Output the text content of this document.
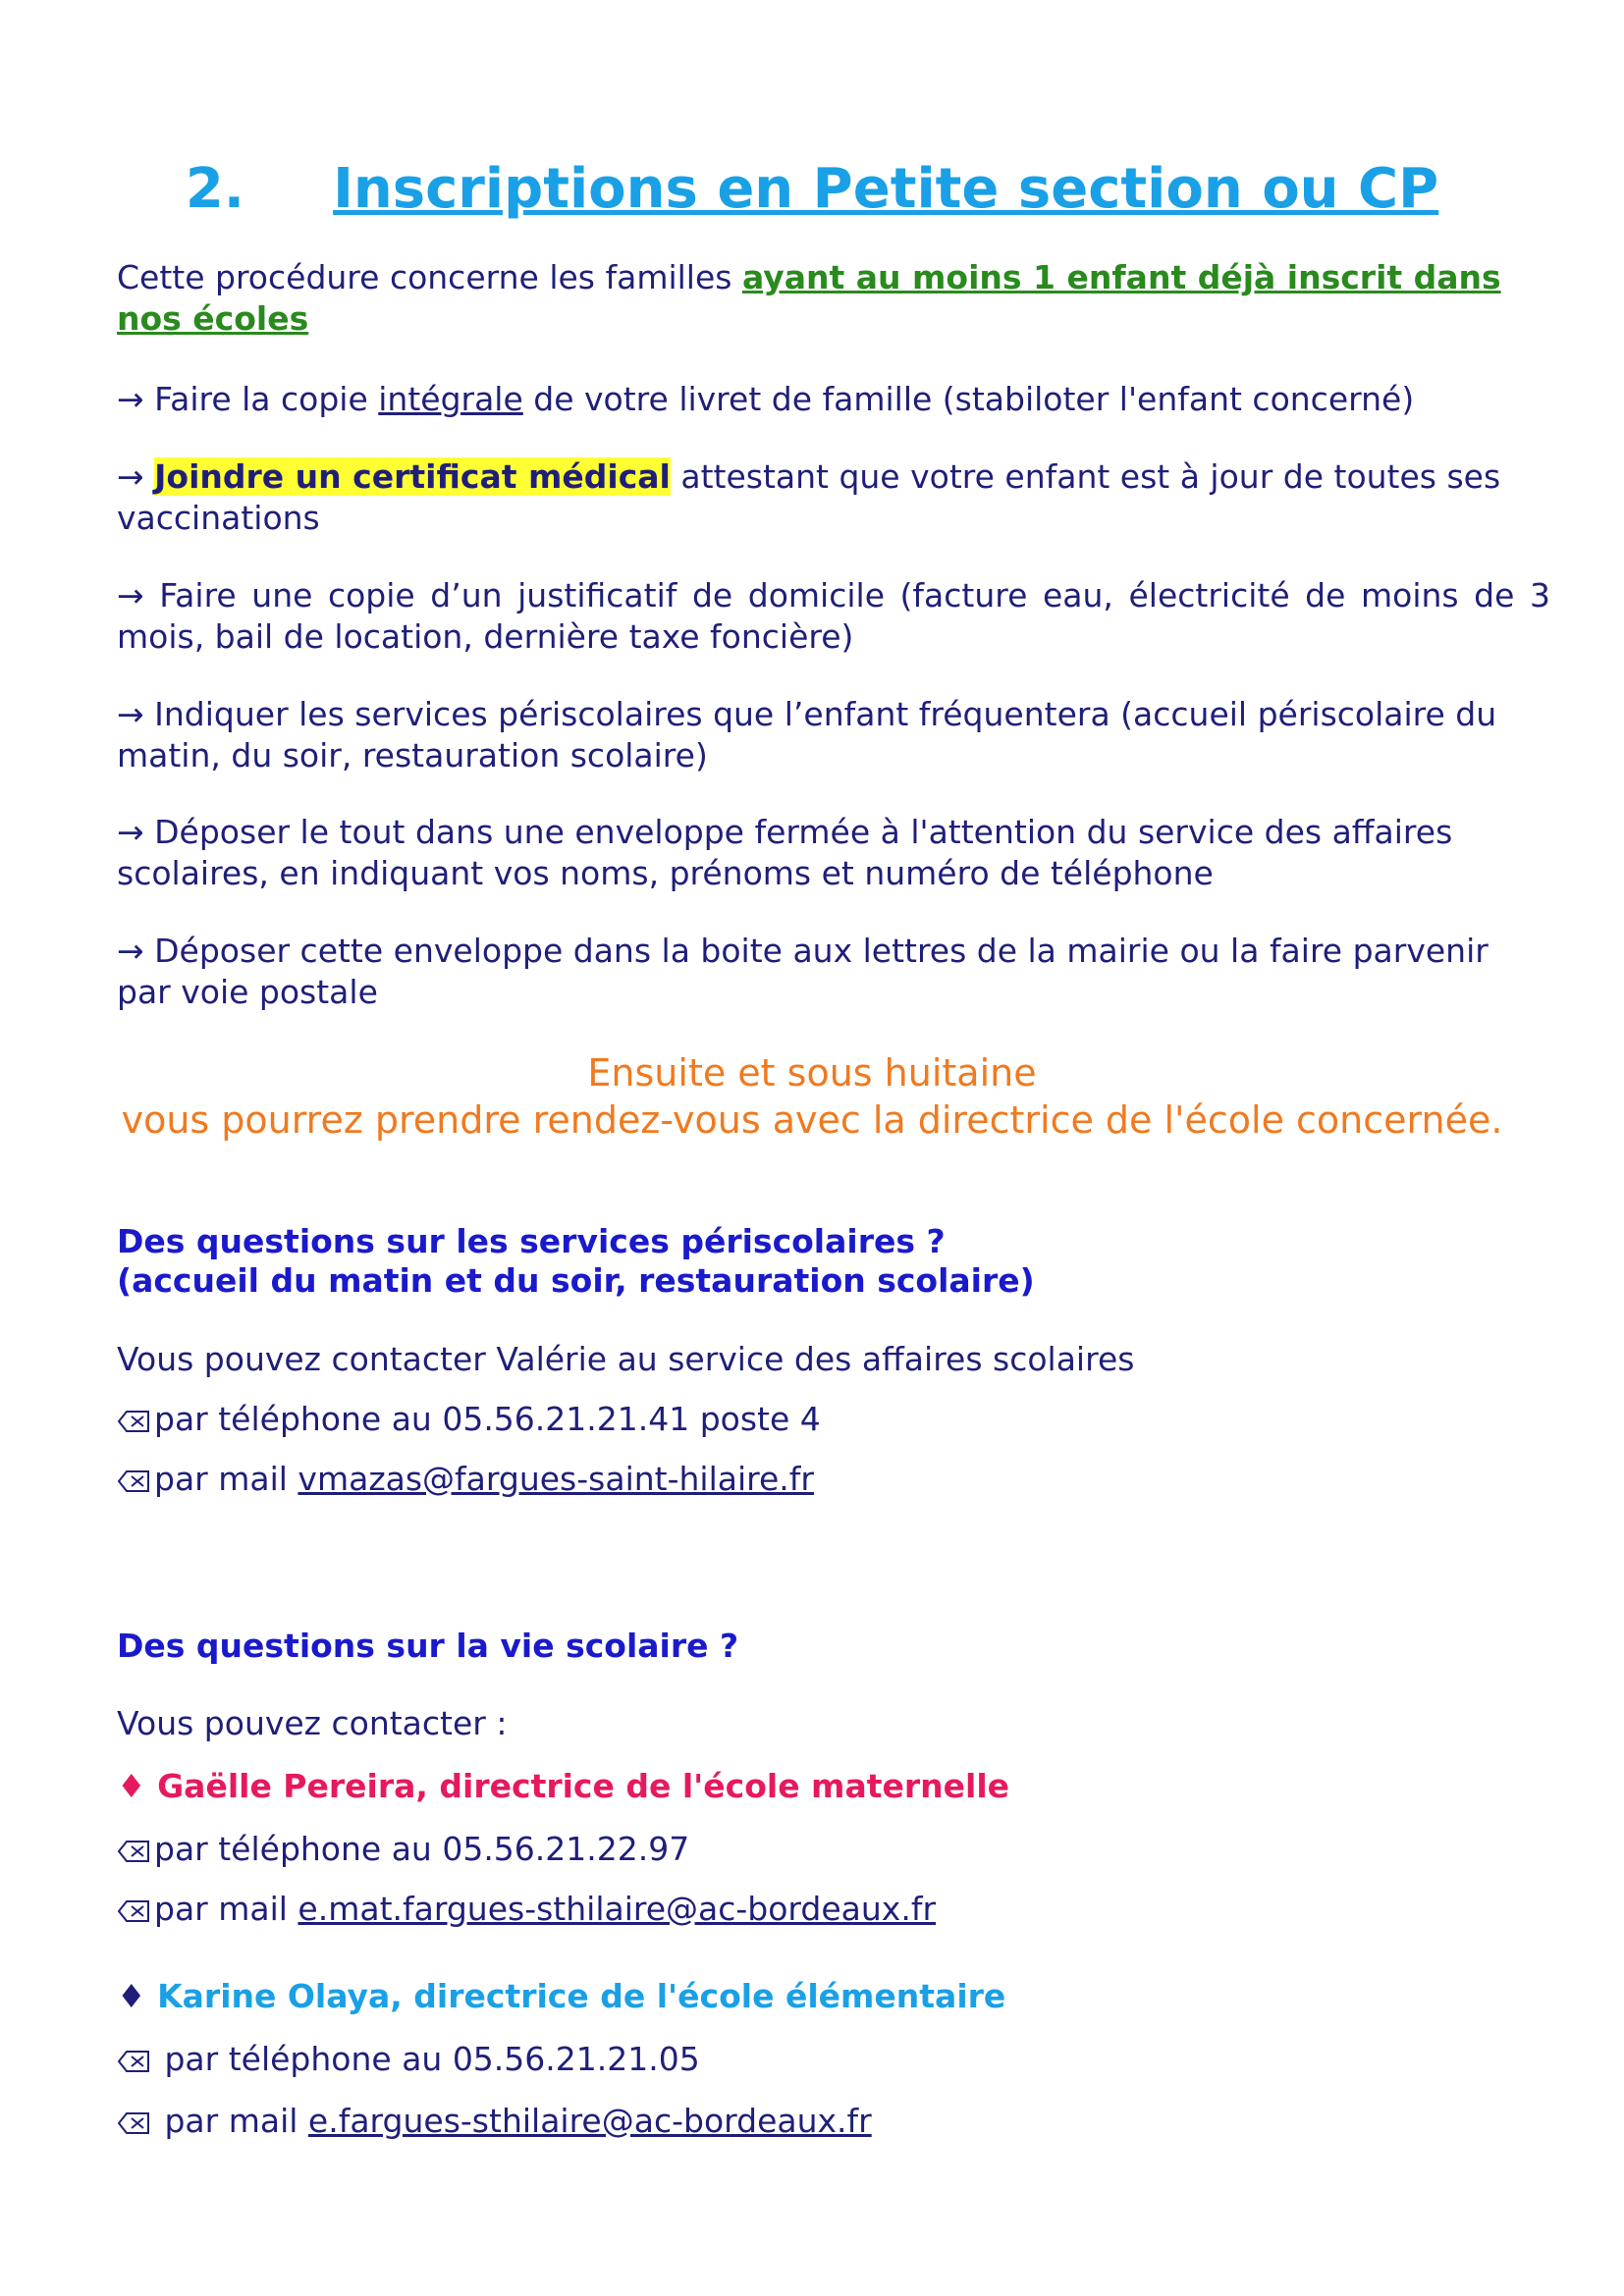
2. Inscriptions en Petite section ou CP

Cette procédure concerne les familles ayant au moins 1 enfant déjà inscrit dans nos écoles

→ Faire la copie intégrale de votre livret de famille (stabiloter l'enfant concerné)

→ Joindre un certificat médical attestant que votre enfant est à jour de toutes ses vaccinations

→ Faire une copie d’un justificatif de domicile (facture eau, électricité de moins de 3 mois, bail de location, dernière taxe foncière)

→ Indiquer les services périscolaires que l’enfant fréquentera (accueil périscolaire du matin, du soir, restauration scolaire)

→ Déposer le tout dans une enveloppe fermée à l'attention du service des affaires scolaires, en indiquant vos noms, prénoms et numéro de téléphone

→ Déposer cette enveloppe dans la boite aux lettres de la mairie ou la faire parvenir par voie postale

Ensuite et sous huitaine
vous pourrez prendre rendez-vous avec la directrice de l'école concernée.
Des questions sur les services périscolaires ?
(accueil du matin et du soir, restauration scolaire)

Vous pouvez contacter Valérie au service des affaires scolaires

par téléphone au 05.56.21.21.41 poste 4

par mail vmazas@fargues-saint-hilaire.fr

Des questions sur la vie scolaire ?

Vous pouvez contacter :

♦ Gaëlle Pereira, directrice de l'école maternelle

par téléphone au 05.56.21.22.97

par mail e.mat.fargues-sthilaire@ac-bordeaux.fr

♦ Karine Olaya, directrice de l'école élémentaire

par téléphone au 05.56.21.21.05

par mail e.fargues-sthilaire@ac-bordeaux.fr
